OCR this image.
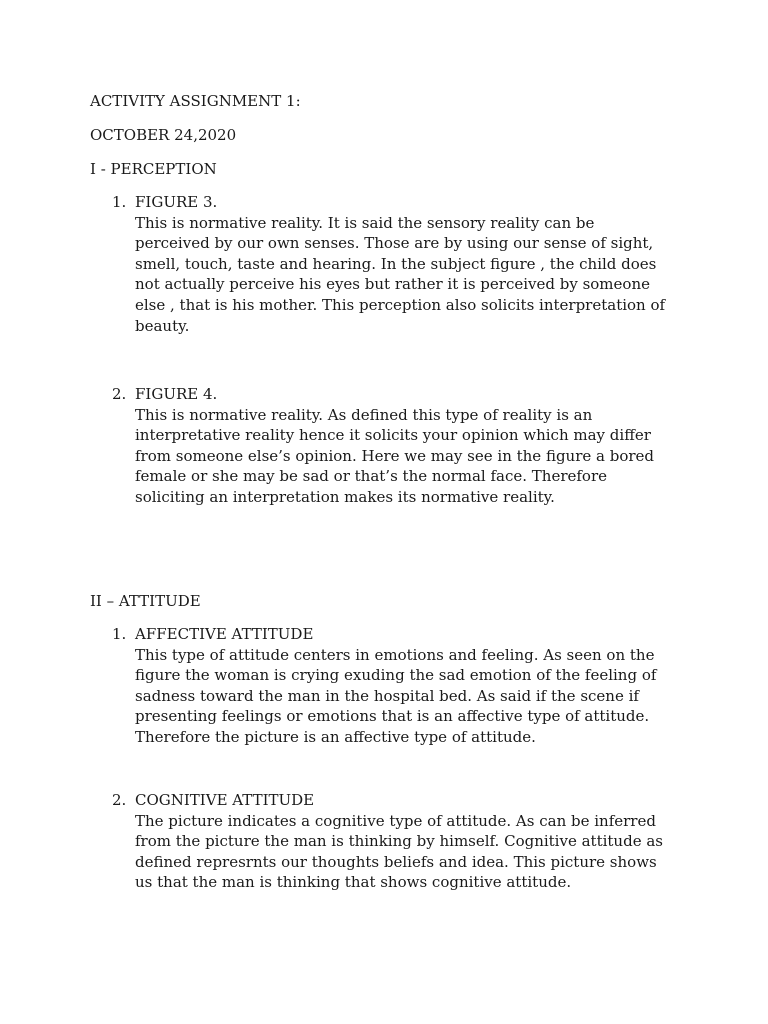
ACTIVITY ASSIGNMENT 1:
OCTOBER 24,2020
I - PERCEPTION
1. FIGURE 3.
This is normative reality. It is said the sensory reality can be
perceived by our own senses. Those are by using our sense of sight,
smell, touch, taste and hearing. In the subject figure , the child does
not actually perceive his eyes but rather it is perceived by someone
else , that is his mother. This perception also solicits interpretation of
beauty.
2. FIGURE 4.
This is normative reality. As defined this type of reality is an
interpretative reality hence it solicits your opinion which may differ
from someone else’s opinion. Here we may see in the figure a bored
female or she may be sad or that’s the normal face. Therefore
soliciting an interpretation makes its normative reality.
II – ATTITUDE
1. AFFECTIVE ATTITUDE
This type of attitude centers in emotions and feeling. As seen on the
figure the woman is crying exuding the sad emotion of the feeling of
sadness toward the man in the hospital bed. As said if the scene if
presenting feelings or emotions that is an affective type of attitude.
Therefore the picture is an affective type of attitude.
2. COGNITIVE ATTITUDE
The picture indicates a cognitive type of attitude. As can be inferred
from the picture the man is thinking by himself. Cognitive attitude as
defined represrnts our thoughts beliefs and idea. This picture shows
us that the man is thinking that shows cognitive attitude.
